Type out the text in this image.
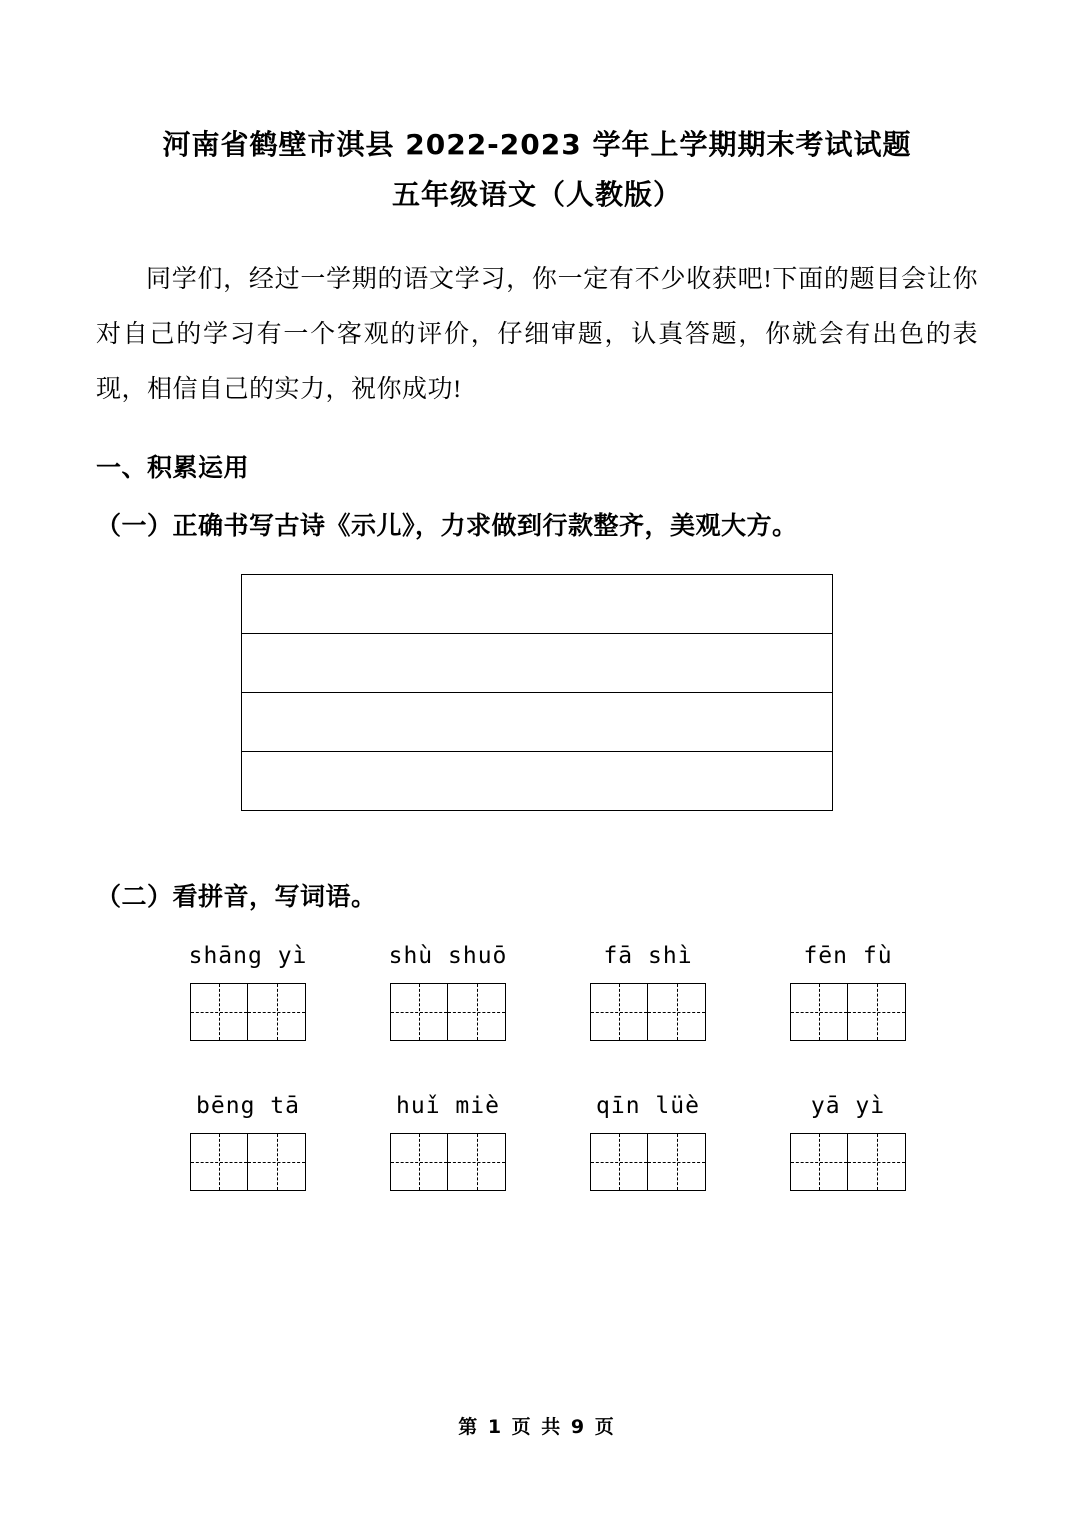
河南省鹤壁市淇县 2022-2023 学年上学期期末考试试题
五年级语文（人教版）

同学们，经过一学期的语文学习，你一定有不少收获吧!下面的题目会让你对自己的学习有一个客观的评价，仔细审题，认真答题，你就会有出色的表现，相信自己的实力，祝你成功!

一、积累运用
（一）正确书写古诗《示儿》，力求做到行款整齐，美观大方。
（二）看拼音，写词语。
shāng yì	shù shuō	fā shì	fēn fù
bēng tā	huǐ miè	qīn lüè	yā yì
第 1 页 共 9 页
